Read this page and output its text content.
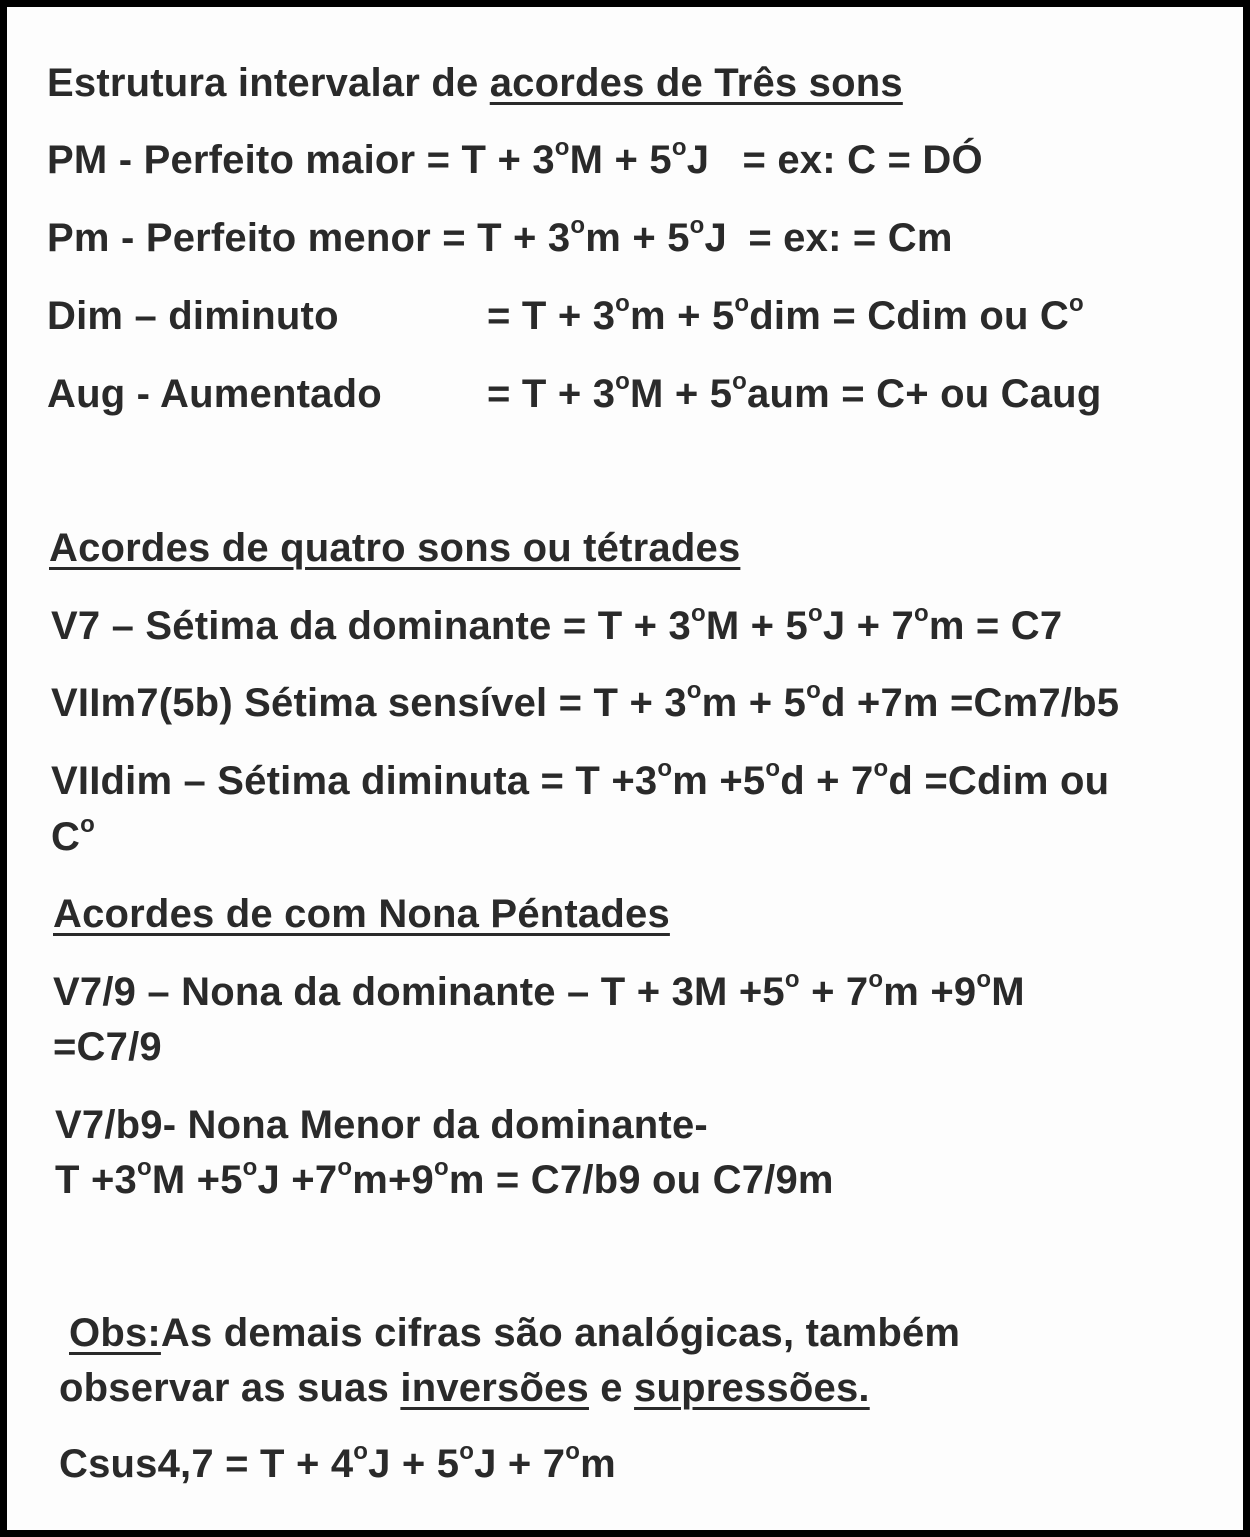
Estrutura intervalar de acordes de Três sons
PM - Perfeito maior = $T + 3^oM + 5^oJ$ = ex: C = DÓ
Pm - Perfeito menor = $T + 3^om + 5^oJ$ = ex: = Cm
Dim – diminuto	= $T + 3^om + 5^odim$ = Cdim ou $C^o$
Aug - Aumentado	= $T + 3^oM + 5^oaum = C+$ ou Caug
Acordes de quatro sons ou tétrades
V7 – Sétima da dominante = $T + 3^oM + 5^oJ + 7^om = C7$
VIIm7(5b) Sétima sensível = $T + 3^om + 5^od +7m =Cm7/b5$
VIIdim – Sétima diminuta = $T +3^om +5^od + 7^od$ =Cdim ou
$C^o$
Acordes de com Nona Péntades
V7/9 – Nona da dominante – $T + 3M +5^o + 7^om +9^oM$
=C7/9
V7/b9- Nona Menor da dominante-
$T +3^oM +5^oJ +7^om+9^om = C7/b9$ ou C7/9m
Obs:As demais cifras são analógicas, também
observar as suas inversões e supressões.
Csus4,7 = $T + 4^oJ + 5^oJ + 7^om$
